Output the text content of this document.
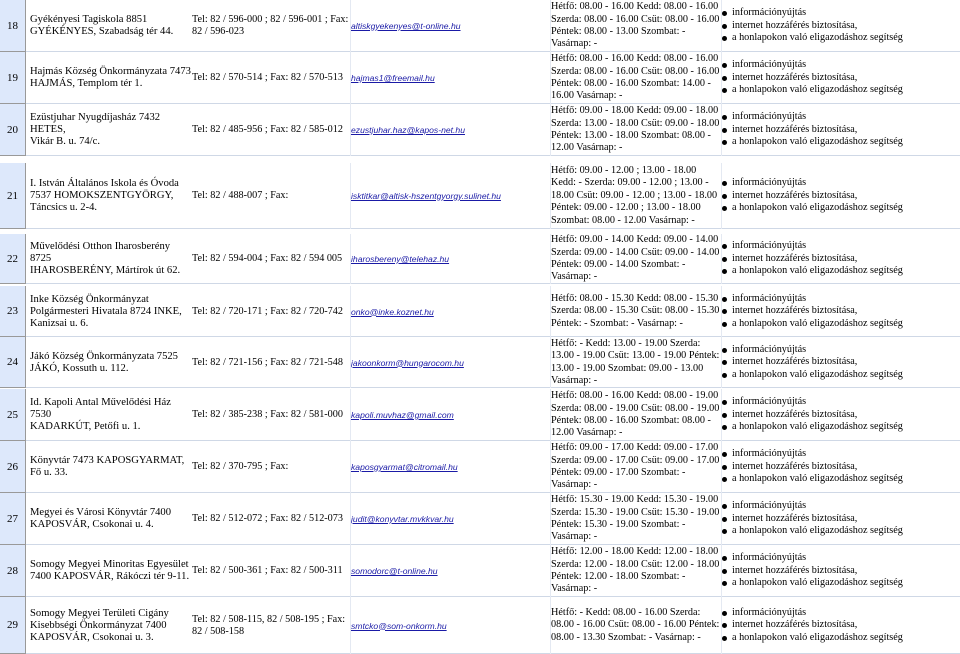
18	Gyékényesi Tagiskola 8851
GYÉKÉNYES, Szabadság tér 44.
Tel: 82 / 596-000 ; 82 / 596-001 ; Fax:
82 / 596-023	altiskgyekenyes@t-online.hu
Hétfő: 08.00 - 16.00 Kedd: 08.00 - 16.00
Szerda: 08.00 - 16.00 Csüt: 08.00 - 16.00
Péntek: 08.00 - 13.00 Szombat: -
Vasárnap: -
információnyújtás
internet hozzáférés biztosítása,
a honlapokon való eligazodáshoz segítség
19	Hajmás Község Önkormányzata 7473
HAJMÁS, Templom tér 1.
Tel: 82 / 570-514 ; Fax: 82 / 570-513 hajmas1@freemail.hu
Hétfő: 08.00 - 16.00 Kedd: 08.00 - 16.00
Szerda: 08.00 - 16.00 Csüt: 08.00 - 16.00
Péntek: 08.00 - 16.00 Szombat: 14.00 -
16.00 Vasárnap: -
információnyújtás
internet hozzáférés biztosítása,
a honlapokon való eligazodáshoz segítség
20
Ezüstjuhar Nyugdíjasház 7432 HETES,
Vikár B. u. 74/c.
Tel: 82 / 485-956 ; Fax: 82 / 585-012 ezustjuhar.haz@kapos-net.hu
Hétfő: 09.00 - 18.00 Kedd: 09.00 - 18.00
Szerda: 13.00 - 18.00 Csüt: 09.00 - 18.00
Péntek: 13.00 - 18.00 Szombat: 08.00 -
12.00 Vasárnap: -
információnyújtás
internet hozzáférés biztosítása,
a honlapokon való eligazodáshoz segítség
21
I. István Általános Iskola és Óvoda
7537 HOMOKSZENTGYÖRGY,
Táncsics u. 2-4.
Tel: 82 / 488-007 ; Fax:	isktitkar@altisk-hszentgyorgy.sulinet.hu
Hétfő: 09.00 - 12.00 ; 13.00 - 18.00
Kedd: - Szerda: 09.00 - 12.00 ; 13.00 -
18.00 Csüt: 09.00 - 12.00 ; 13.00 - 18.00
Péntek: 09.00 - 12.00 ; 13.00 - 18.00
Szombat: 08.00 - 12.00 Vasárnap: -
információnyújtás
internet hozzáférés biztosítása,
a honlapokon való eligazodáshoz segítség
22
Művelődési Otthon Iharosberény 8725
IHAROSBERÉNY, Mártírok út 62.
Tel: 82 / 594-004 ; Fax: 82 / 594 005	iharosbereny@telehaz.hu
Hétfő: 09.00 - 14.00 Kedd: 09.00 - 14.00
Szerda: 09.00 - 14.00 Csüt: 09.00 - 14.00
Péntek: 09.00 - 14.00 Szombat: -
Vasárnap: -
információnyújtás
internet hozzáférés biztosítása,
a honlapokon való eligazodáshoz segítség
23
Inke Község Önkormányzat
Polgármesteri Hivatala 8724 INKE,
Kanizsai u. 6.
Tel: 82 / 720-171 ; Fax: 82 / 720-742 onko@inke.koznet.hu
Hétfő: 08.00 - 15.30 Kedd: 08.00 - 15.30
Szerda: 08.00 - 15.30 Csüt: 08.00 - 15.30
Péntek: - Szombat: - Vasárnap: -
információnyújtás
internet hozzáférés biztosítása,
a honlapokon való eligazodáshoz segítség
24	Jákó Község Önkormányzata 7525
JÁKÓ, Kossuth u. 112.
Tel: 82 / 721-156 ; Fax: 82 / 721-548 jakoonkorm@hungarocom.hu
Hétfő: - Kedd: 13.00 - 19.00 Szerda:
13.00 - 19.00 Csüt: 13.00 - 19.00 Péntek:
13.00 - 19.00 Szombat: 09.00 - 13.00
Vasárnap: -
információnyújtás
internet hozzáférés biztosítása,
a honlapokon való eligazodáshoz segítség
25
Id. Kapoli Antal Művelődési Ház 7530
KADARKÚT, Petőfi u. 1.
Tel: 82 / 385-238 ; Fax: 82 / 581-000 kapoli.muvhaz@gmail.com
Hétfő: 08.00 - 16.00 Kedd: 08.00 - 19.00
Szerda: 08.00 - 19.00 Csüt: 08.00 - 19.00
Péntek: 08.00 - 16.00 Szombat: 08.00 -
12.00 Vasárnap: -
információnyújtás
internet hozzáférés biztosítása,
a honlapokon való eligazodáshoz segítség
26	Könyvtár 7473 KAPOSGYARMAT,
Fő u. 33.
Tel: 82 / 370-795 ; Fax:	kaposgyarmat@citromail.hu
Hétfő: 09.00 - 17.00 Kedd: 09.00 - 17.00
Szerda: 09.00 - 17.00 Csüt: 09.00 - 17.00
Péntek: 09.00 - 17.00 Szombat: -
Vasárnap: -
információnyújtás
internet hozzáférés biztosítása,
a honlapokon való eligazodáshoz segítség
27	Megyei és Városi Könyvtár 7400
KAPOSVÁR, Csokonai u. 4.
Tel: 82 / 512-072 ; Fax: 82 / 512-073 judit@konyvtar.mvkkvar.hu
Hétfő: 15.30 - 19.00 Kedd: 15.30 - 19.00
Szerda: 15.30 - 19.00 Csüt: 15.30 - 19.00
Péntek: 15.30 - 19.00 Szombat: -
Vasárnap: -
információnyújtás
internet hozzáférés biztosítása,
a honlapokon való eligazodáshoz segítség
28	Somogy Megyei Minoritas Egyesület
7400 KAPOSVÁR, Rákóczi tér 9-11.
Tel: 82 / 500-361 ; Fax: 82 / 500-311 somodorc@t-online.hu
Hétfő: 12.00 - 18.00 Kedd: 12.00 - 18.00
Szerda: 12.00 - 18.00 Csüt: 12.00 - 18.00
Péntek: 12.00 - 18.00 Szombat: -
Vasárnap: -
információnyújtás
internet hozzáférés biztosítása,
a honlapokon való eligazodáshoz segítség
29
Somogy Megyei Területi Cigány
Kisebbségi Önkormányzat 7400
KAPOSVÁR, Csokonai u. 3.
Tel: 82 / 508-115, 82 / 508-195 ; Fax:
82 / 508-158	smtcko@som-onkorm.hu
Hétfő: - Kedd: 08.00 - 16.00 Szerda:
08.00 - 16.00 Csüt: 08.00 - 16.00 Péntek:
08.00 - 13.30 Szombat: - Vasárnap: -
információnyújtás
internet hozzáférés biztosítása,
a honlapokon való eligazodáshoz segítség
